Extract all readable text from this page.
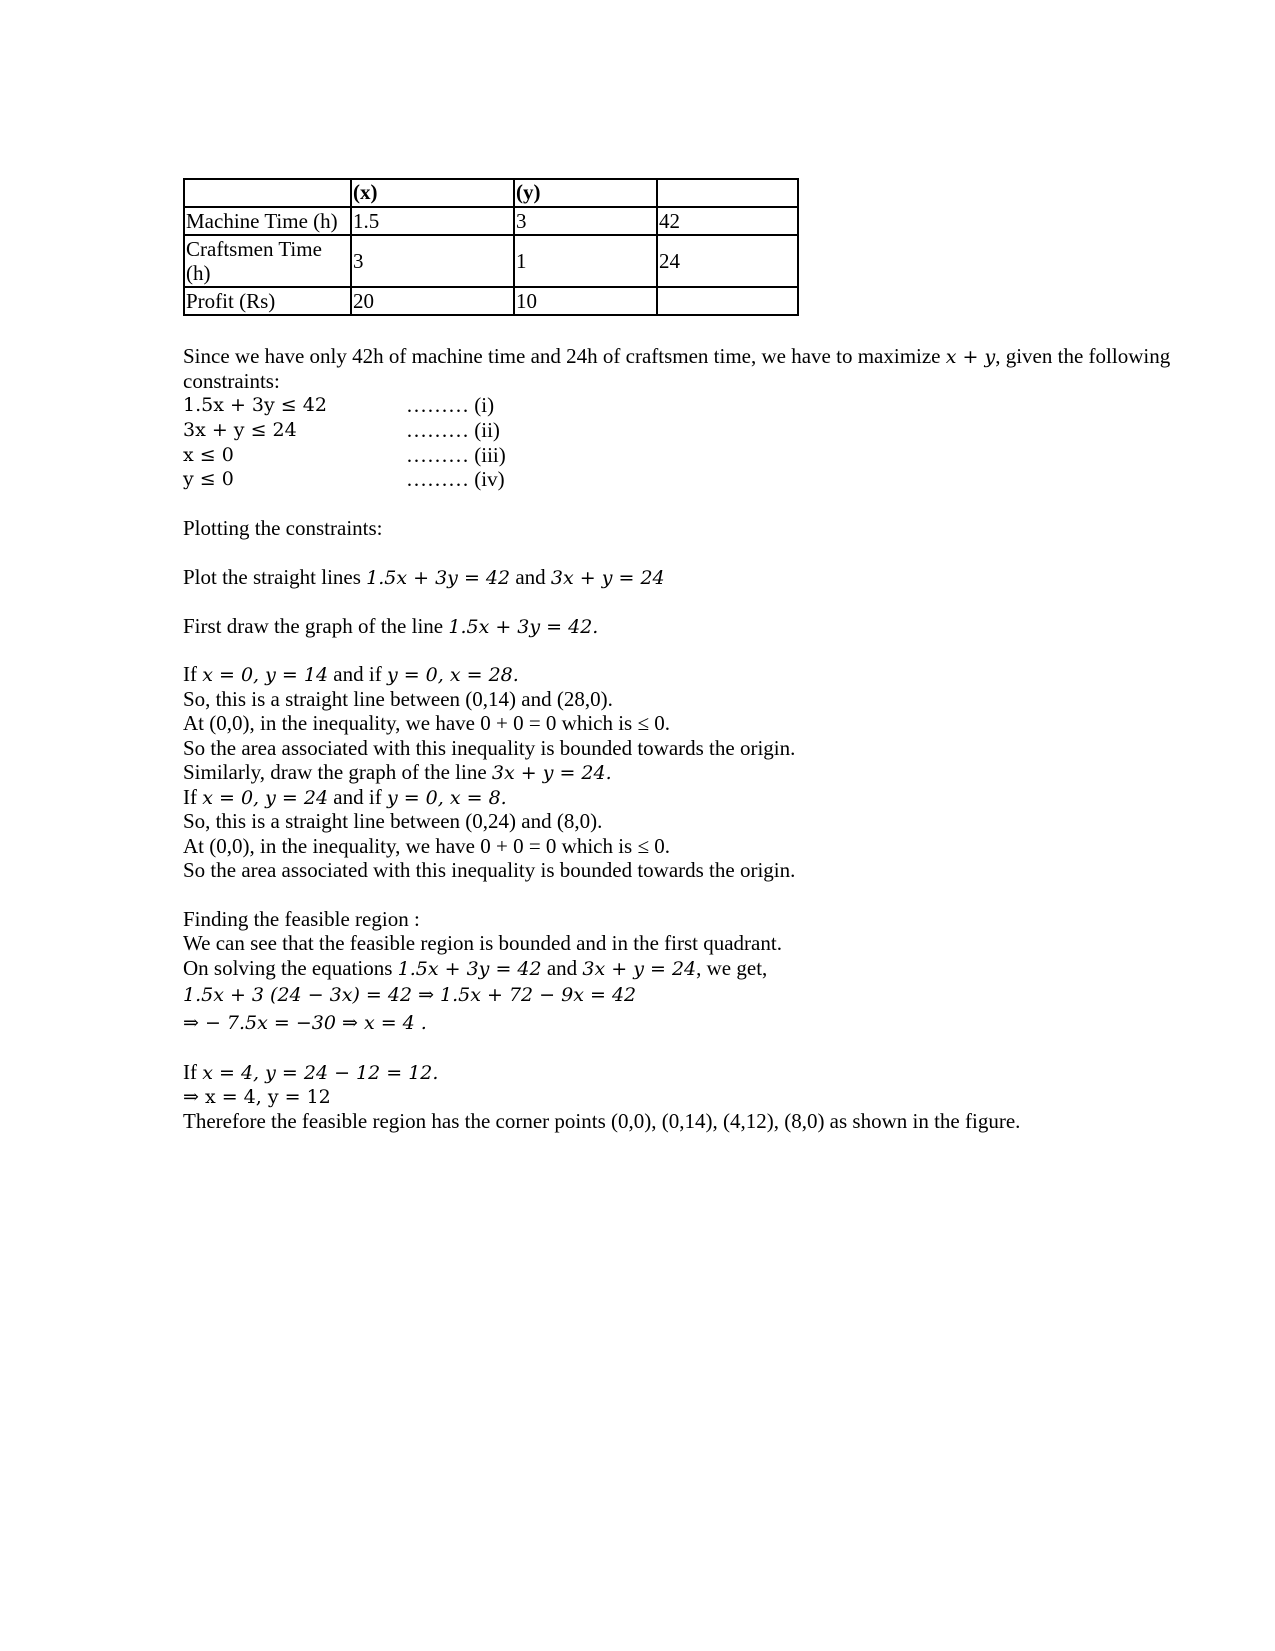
	(x)	(y)	
Machine Time (h)	1.5	3	42
Craftsmen Time (h)	3	1	24
Profit (Rs)	20	10	
Since we have only 42h of machine time and 24h of craftsmen time, we have to maximize x + y, given the following
constraints:
1.5x + 3y ≤ 42	……… (i)
3x + y ≤ 24	……… (ii)
x ≤ 0	……… (iii)
y ≤ 0	……… (iv)
Plotting the constraints:
Plot the straight lines 1.5x + 3y = 42 and 3x + y = 24
First draw the graph of the line 1.5x + 3y = 42.
If x = 0, y = 14 and if y = 0, x = 28.
So, this is a straight line between (0,14) and (28,0).
At (0,0), in the inequality, we have 0 + 0 = 0 which is ≤ 0.
So the area associated with this inequality is bounded towards the origin.
Similarly, draw the graph of the line 3x + y = 24.
If x = 0, y = 24 and if y = 0, x = 8.
So, this is a straight line between (0,24) and (8,0).
At (0,0), in the inequality, we have 0 + 0 = 0 which is ≤ 0.
So the area associated with this inequality is bounded towards the origin.
Finding the feasible region :
We can see that the feasible region is bounded and in the first quadrant.
On solving the equations 1.5x + 3y = 42 and 3x + y = 24, we get,
1.5x + 3 (24 − 3x) = 42 ⇒ 1.5x + 72 − 9x = 42
⇒ − 7.5x = −30 ⇒ x = 4 .
If x = 4, y = 24 − 12 = 12.
⇒ x = 4, y = 12
Therefore the feasible region has the corner points (0,0), (0,14), (4,12), (8,0) as shown in the figure.
